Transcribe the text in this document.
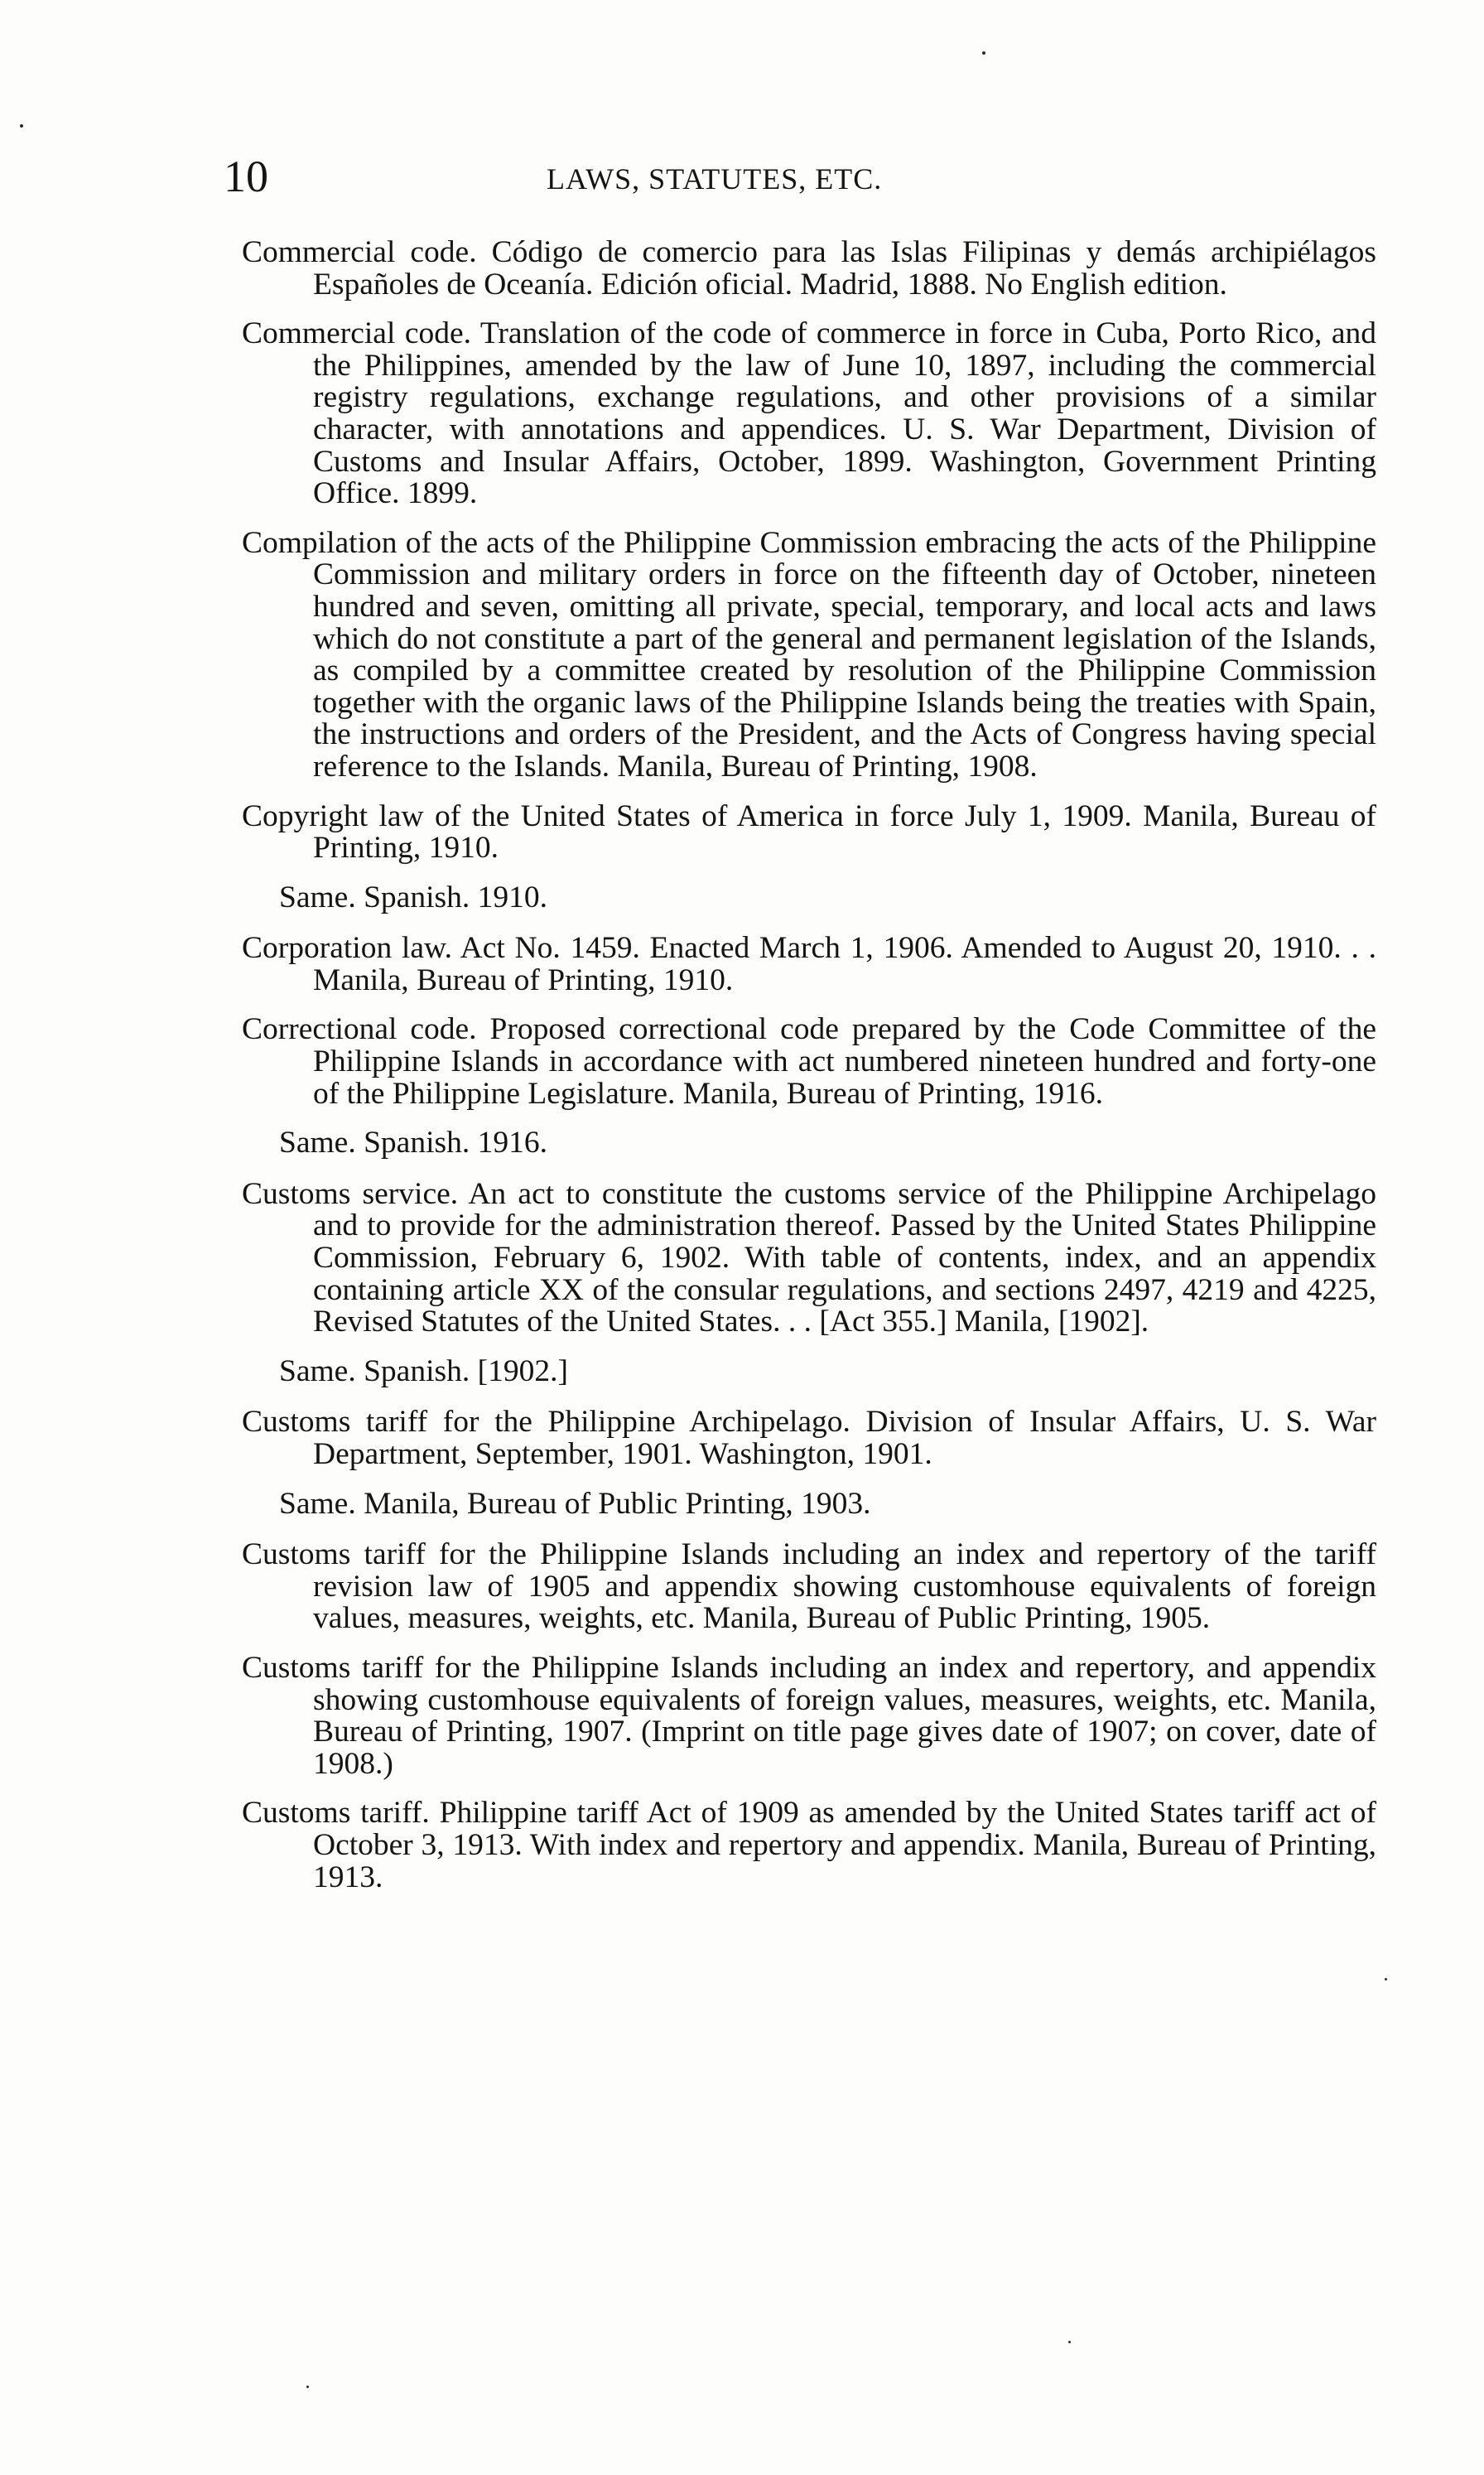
10	LAWS, STATUTES, ETC.

Commercial code. Código de comercio para las Islas Filipinas y demás archipiélagos Españoles de Oceanía. Edición oficial. Madrid, 1888. No English edition.

Commercial code. Translation of the code of commerce in force in Cuba, Porto Rico, and the Philippines, amended by the law of June 10, 1897, including the commercial registry regulations, exchange regulations, and other provisions of a similar character, with annotations and appendices. U. S. War Department, Division of Customs and Insular Affairs, October, 1899. Washington, Government Printing Office. 1899.

Compilation of the acts of the Philippine Commission embracing the acts of the Philippine Commission and military orders in force on the fifteenth day of October, nineteen hundred and seven, omitting all private, special, temporary, and local acts and laws which do not constitute a part of the general and permanent legislation of the Islands, as compiled by a committee created by resolution of the Philippine Commission together with the organic laws of the Philippine Islands being the treaties with Spain, the instructions and orders of the President, and the Acts of Congress having special reference to the Islands. Manila, Bureau of Printing, 1908.

Copyright law of the United States of America in force July 1, 1909. Manila, Bureau of Printing, 1910.

Same. Spanish. 1910.

Corporation law. Act No. 1459. Enacted March 1, 1906. Amended to August 20, 1910. . . Manila, Bureau of Printing, 1910.

Correctional code. Proposed correctional code prepared by the Code Committee of the Philippine Islands in accordance with act numbered nineteen hundred and forty-one of the Philippine Legislature. Manila, Bureau of Printing, 1916.

Same. Spanish. 1916.

Customs service. An act to constitute the customs service of the Philippine Archipelago and to provide for the administration thereof. Passed by the United States Philippine Commission, February 6, 1902. With table of contents, index, and an appendix containing article XX of the consular regulations, and sections 2497, 4219 and 4225, Revised Statutes of the United States. . . [Act 355.] Manila, [1902].

Same. Spanish. [1902.]

Customs tariff for the Philippine Archipelago. Division of Insular Affairs, U. S. War Department, September, 1901. Washington, 1901.

Same. Manila, Bureau of Public Printing, 1903.

Customs tariff for the Philippine Islands including an index and repertory of the tariff revision law of 1905 and appendix showing customhouse equivalents of foreign values, measures, weights, etc. Manila, Bureau of Public Printing, 1905.

Customs tariff for the Philippine Islands including an index and repertory, and appendix showing customhouse equivalents of foreign values, measures, weights, etc. Manila, Bureau of Printing, 1907. (Imprint on title page gives date of 1907; on cover, date of 1908.)

Customs tariff. Philippine tariff Act of 1909 as amended by the United States tariff act of October 3, 1913. With index and repertory and appendix. Manila, Bureau of Printing, 1913.
